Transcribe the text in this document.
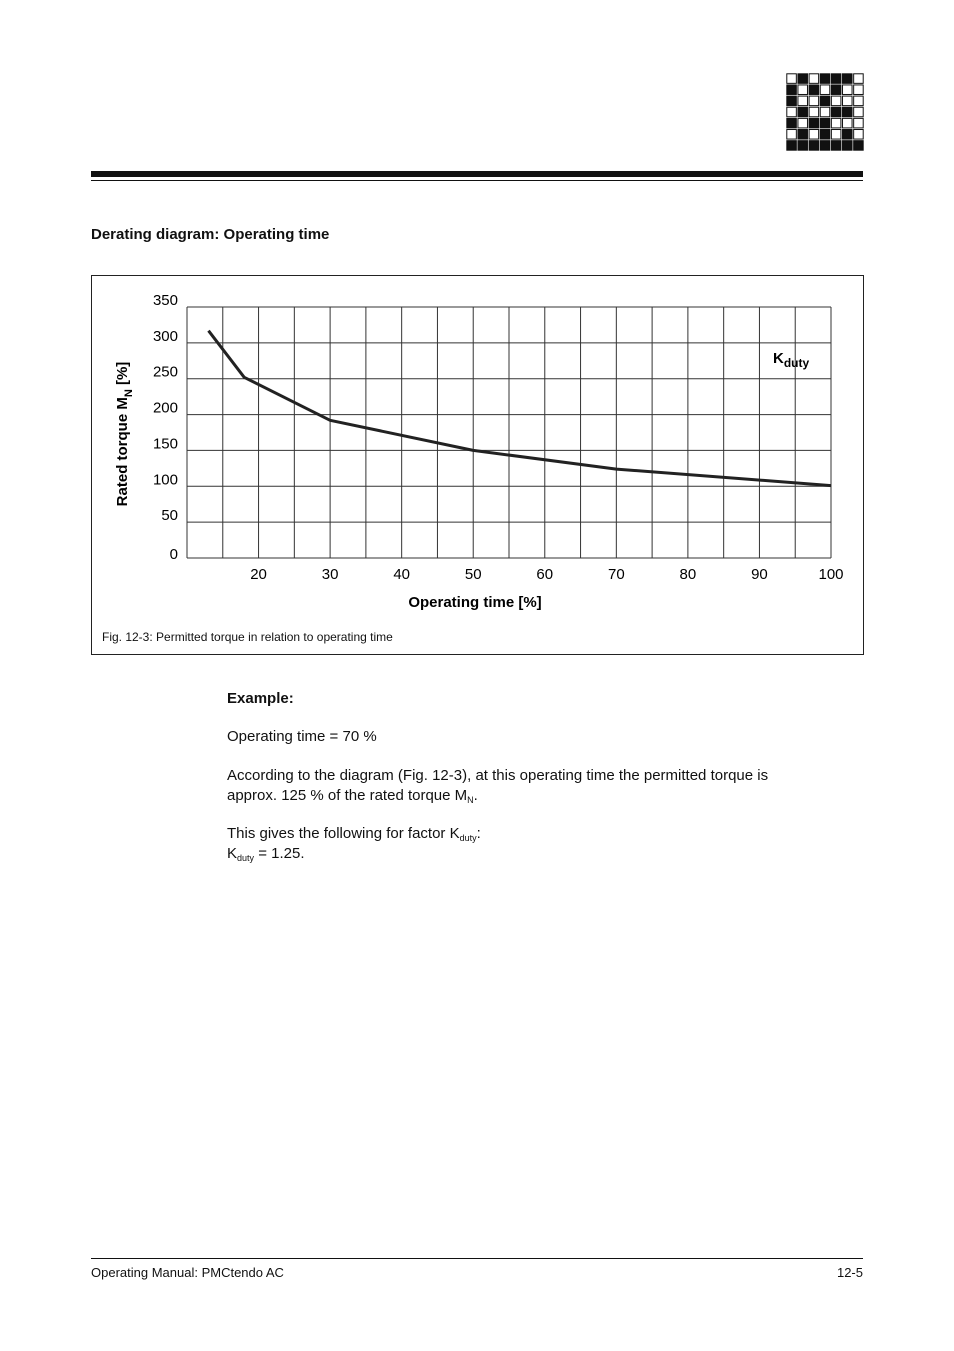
Derating diagram: Operating time
0
50
100
150
200
250
300
350
20	30	40	50	60	70	80	90	100
$K_{duty}$
Operating time [%]
Rated torque $M_N$ [%]
Fig. 12-3: Permitted torque in relation to operating time
Example:
Operating time = 70 %
According to the diagram (Fig. 12-3), at this operating time the permitted torque is
approx. 125 % of the rated torque $M_N$.
This gives the following for factor $K_{duty}$:
$K_{duty} = 1.25$.
Operating Manual: PMCtendo AC	12-5
